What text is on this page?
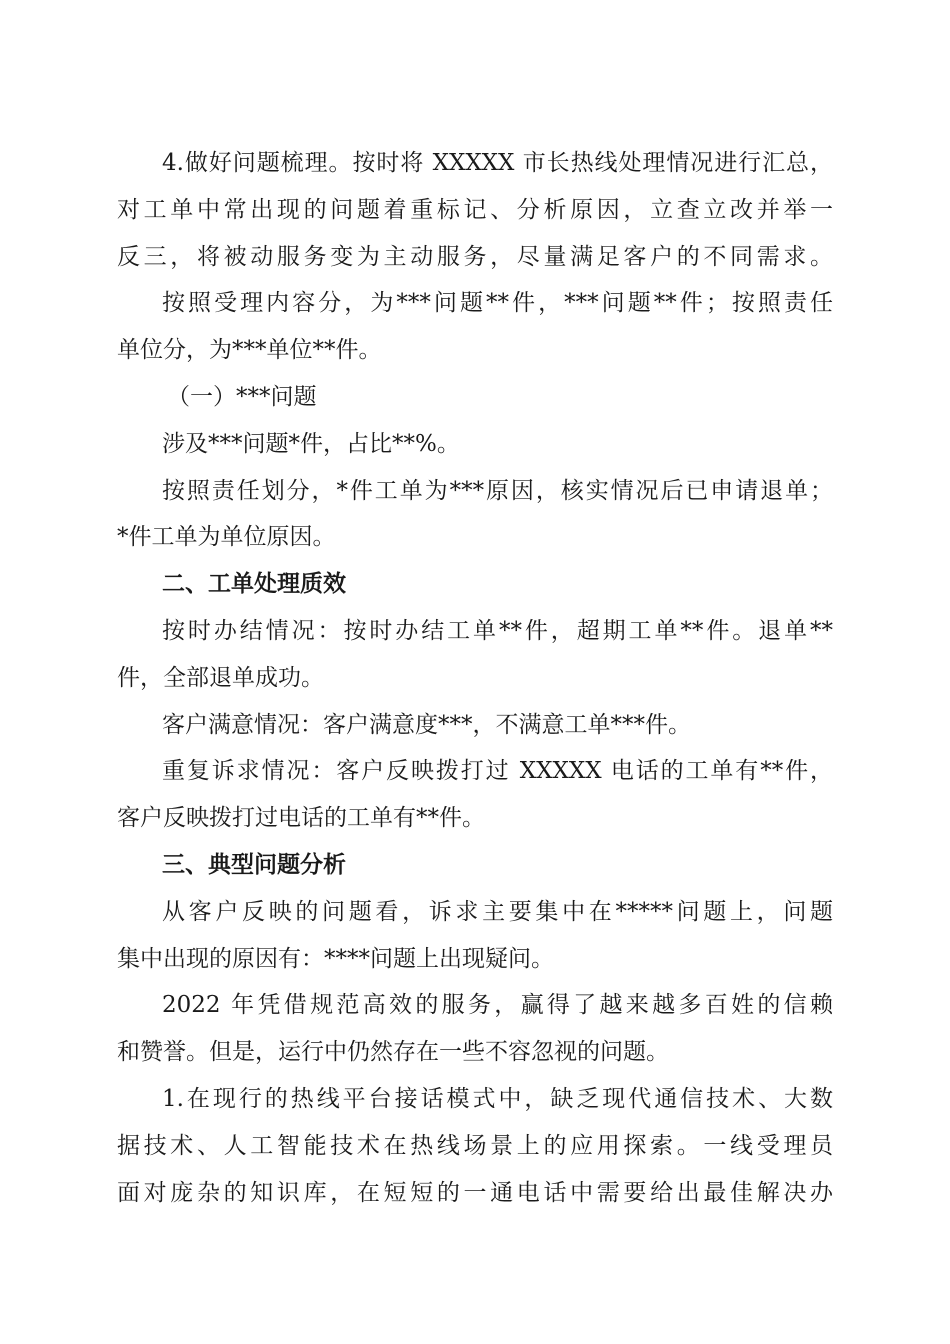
4.做好问题梳理。按时将 XXXXX 市长热线处理情况进行汇总，
对工单中常出现的问题着重标记、分析原因，立查立改并举一
反三，将被动服务变为主动服务，尽量满足客户的不同需求。
按照受理内容分，为***问题**件，***问题**件；按照责任
单位分，为***单位**件。
（一）***问题
涉及***问题*件，占比**%。
按照责任划分，*件工单为***原因，核实情况后已申请退单；
*件工单为单位原因。
二、工单处理质效
按时办结情况：按时办结工单**件，超期工单**件。退单**
件，全部退单成功。
客户满意情况：客户满意度***，不满意工单***件。
重复诉求情况：客户反映拨打过 XXXXX 电话的工单有**件，
客户反映拨打过电话的工单有**件。
三、典型问题分析
从客户反映的问题看，诉求主要集中在*****问题上，问题
集中出现的原因有：****问题上出现疑问。
2022 年凭借规范高效的服务，赢得了越来越多百姓的信赖
和赞誉。但是，运行中仍然存在一些不容忽视的问题。
1.在现行的热线平台接话模式中，缺乏现代通信技术、大数
据技术、人工智能技术在热线场景上的应用探索。一线受理员
面对庞杂的知识库，在短短的一通电话中需要给出最佳解决办
